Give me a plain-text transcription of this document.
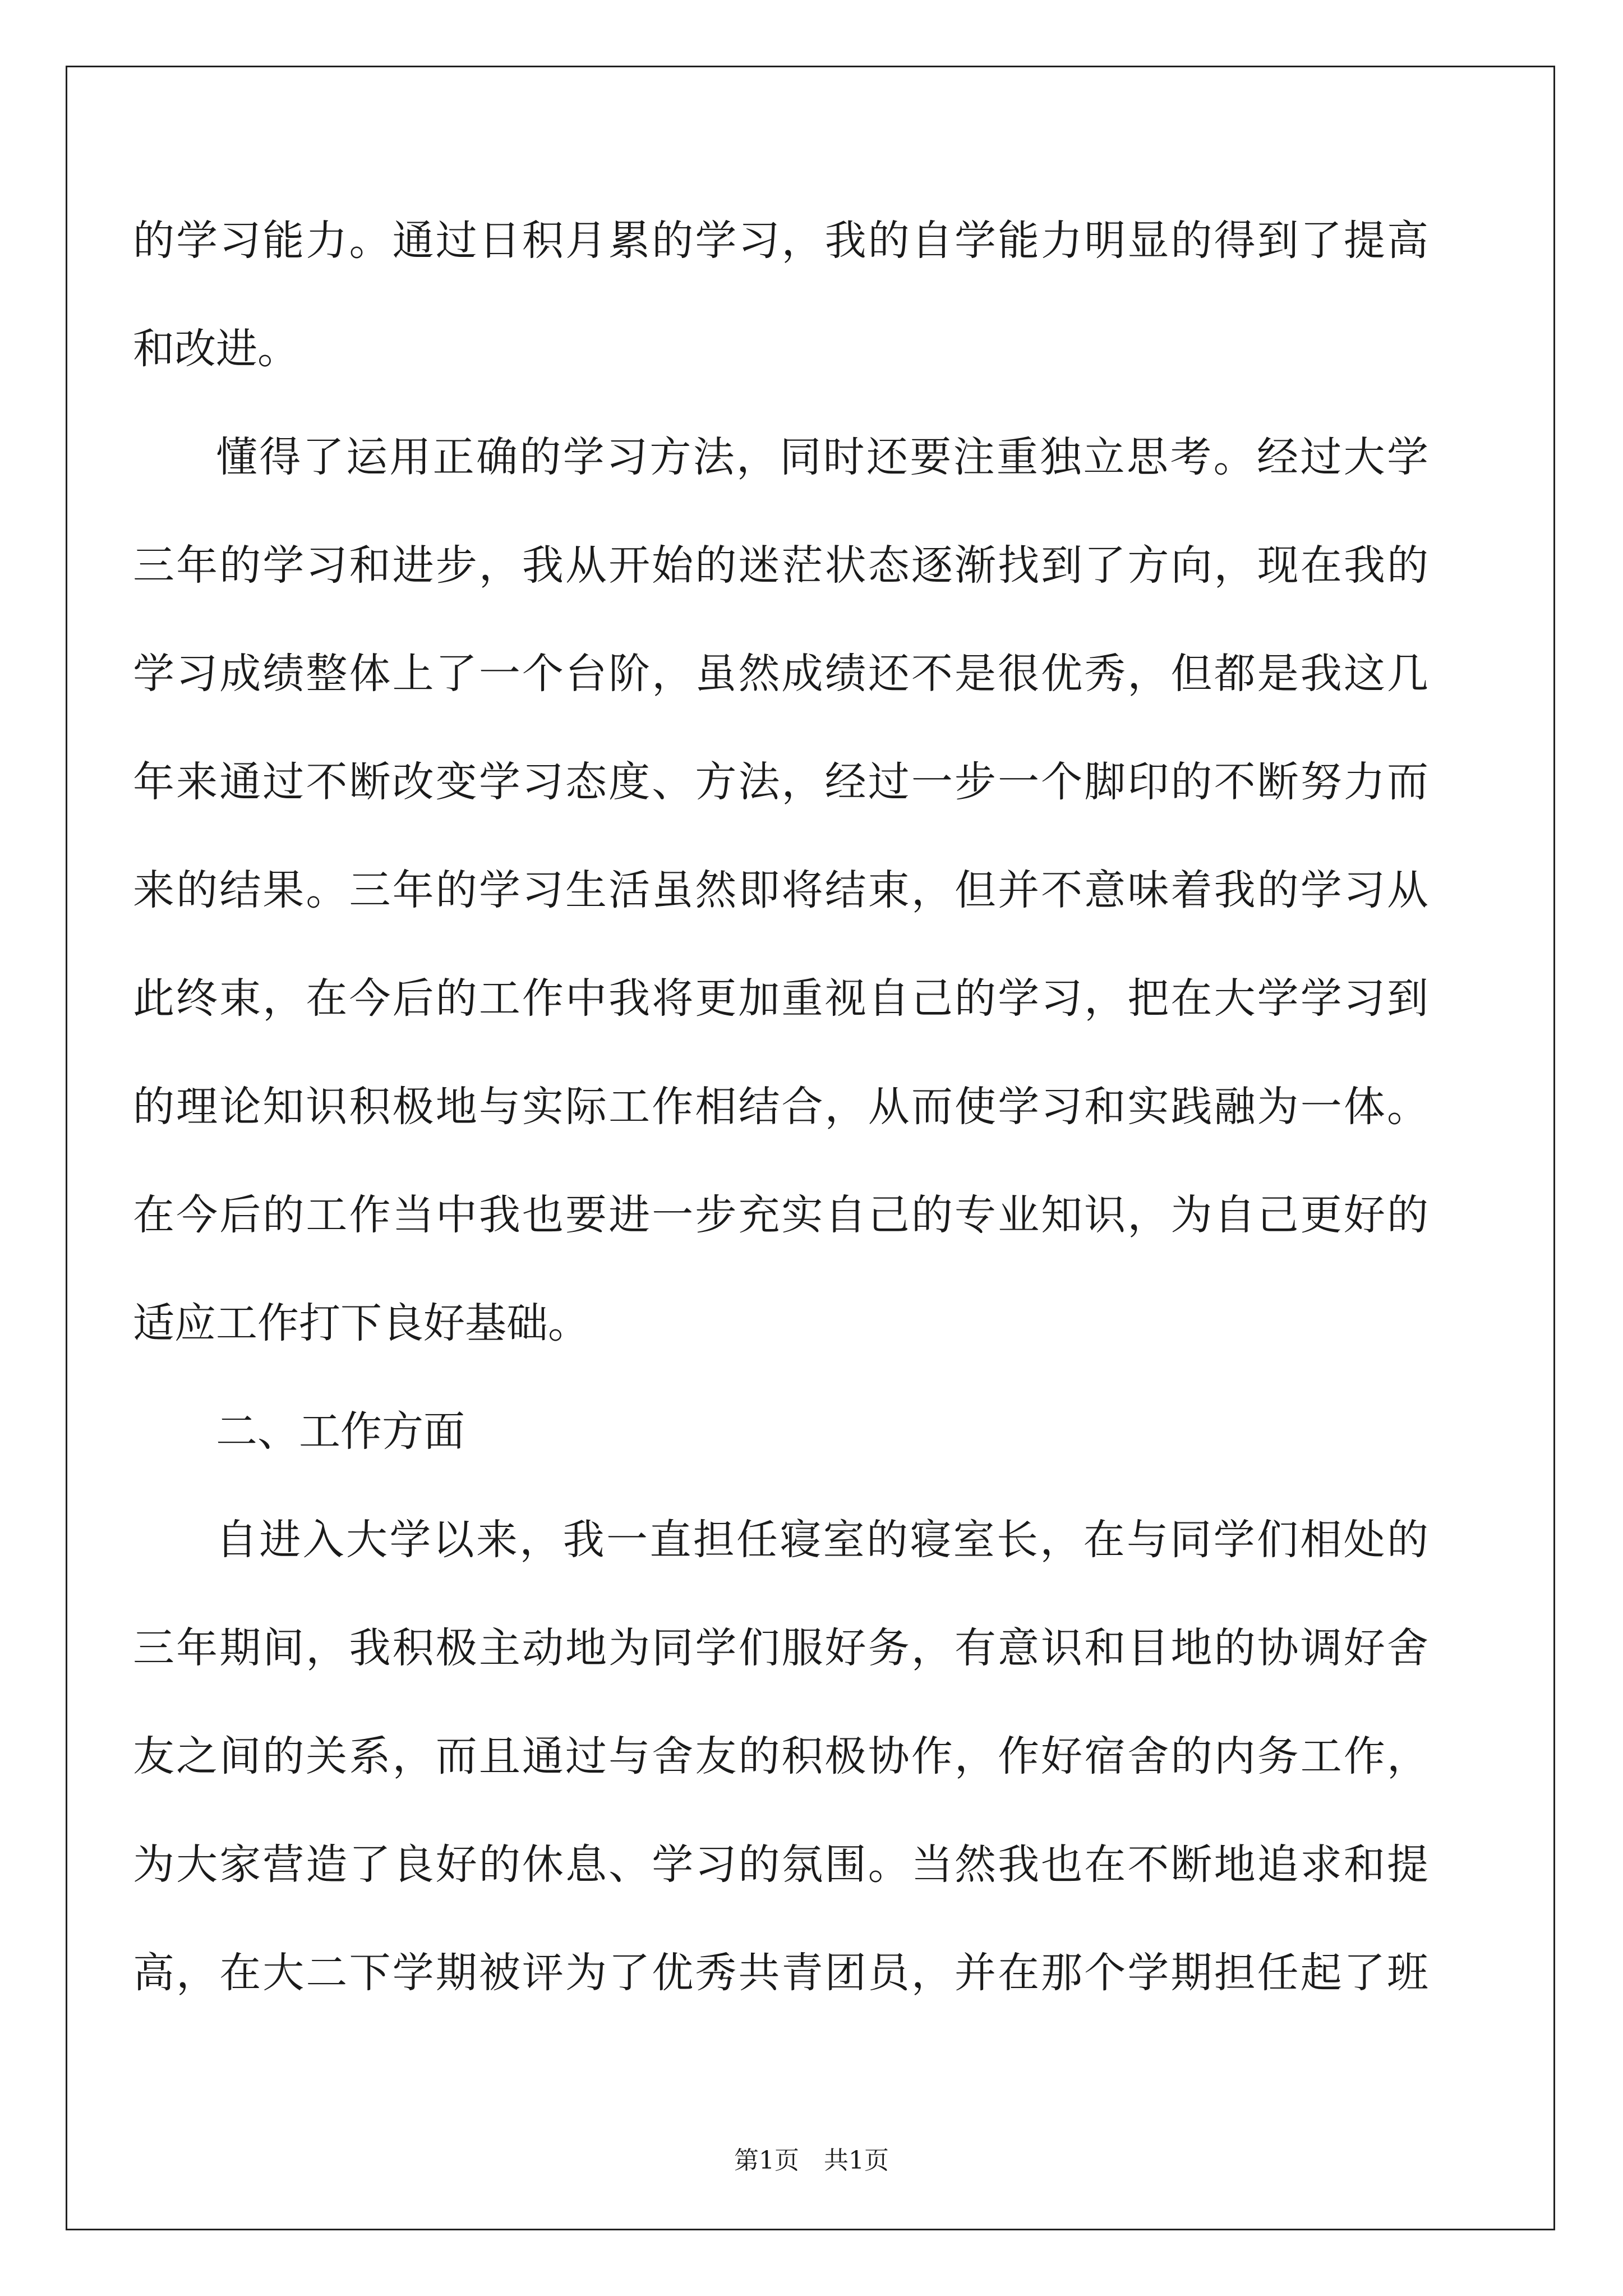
的学习能力。通过日积月累的学习，我的自学能力明显的得到了提高
和改进。
懂得了运用正确的学习方法，同时还要注重独立思考。经过大学
三年的学习和进步，我从开始的迷茫状态逐渐找到了方向，现在我的
学习成绩整体上了一个台阶，虽然成绩还不是很优秀，但都是我这几
年来通过不断改变学习态度、方法，经过一步一个脚印的不断努力而
来的结果。三年的学习生活虽然即将结束，但并不意味着我的学习从
此终束，在今后的工作中我将更加重视自己的学习，把在大学学习到
的理论知识积极地与实际工作相结合，从而使学习和实践融为一体。
在今后的工作当中我也要进一步充实自己的专业知识，为自己更好的
适应工作打下良好基础。
二、工作方面
自进入大学以来，我一直担任寝室的寝室长，在与同学们相处的
三年期间，我积极主动地为同学们服好务，有意识和目地的协调好舍
友之间的关系，而且通过与舍友的积极协作，作好宿舍的内务工作，
为大家营造了良好的休息、学习的氛围。当然我也在不断地追求和提
高，在大二下学期被评为了优秀共青团员，并在那个学期担任起了班
第1页　共1页
